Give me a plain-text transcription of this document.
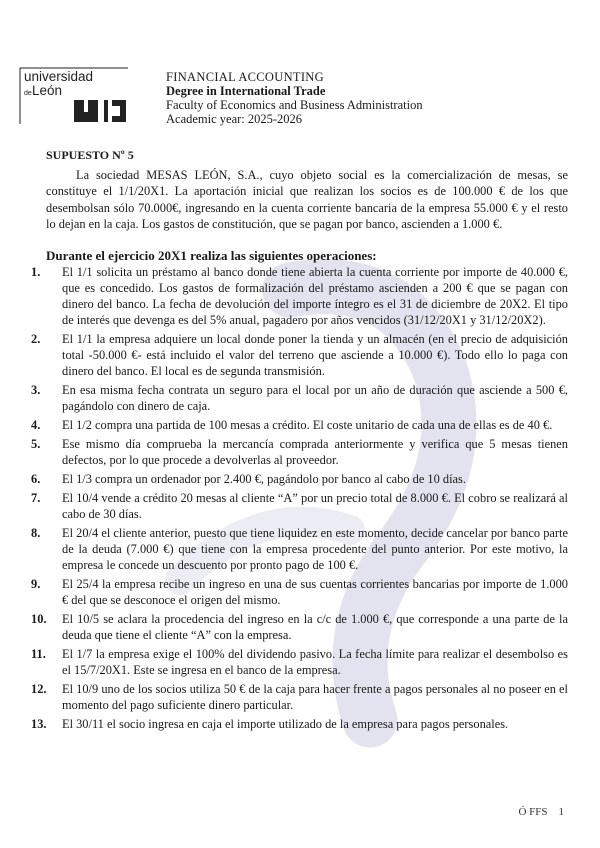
universidad
de León
FINANCIAL ACCOUNTING
Degree in International Trade
Faculty of Economics and Business Administration
Academic year: 2025-2026
SUPUESTO Nº 5

La sociedad MESAS LEÓN, S.A., cuyo objeto social es la comercialización de mesas, se constituye el 1/1/20X1. La aportación inicial que realizan los socios es de 100.000 € de los que desembolsan sólo 70.000€, ingresando en la cuenta corriente bancaria de la empresa 55.000 € y el resto lo dejan en la caja. Los gastos de constitución, que se pagan por banco, ascienden a 1.000 €.

Durante el ejercicio 20X1 realiza las siguientes operaciones:
1.	El 1/1 solicita un préstamo al banco donde tiene abierta la cuenta corriente por importe de 40.000 €, que es concedido. Los gastos de formalización del préstamo ascienden a 200 € que se pagan con dinero del banco. La fecha de devolución del importe íntegro es el 31 de diciembre de 20X2. El tipo de interés que devenga es del 5% anual, pagadero por años vencidos (31/12/20X1 y 31/12/20X2).
2.	El 1/1 la empresa adquiere un local donde poner la tienda y un almacén (en el precio de adquisición total -50.000 €- está incluido el valor del terreno que asciende a 10.000 €). Todo ello lo paga con dinero del banco. El local es de segunda transmisión.
3.	En esa misma fecha contrata un seguro para el local por un año de duración que asciende a 500 €, pagándolo con dinero de caja.
4.	El 1/2 compra una partida de 100 mesas a crédito. El coste unitario de cada una de ellas es de 40 €.
5.	Ese mismo día comprueba la mercancía comprada anteriormente y verifica que 5 mesas tienen defectos, por lo que procede a devolverlas al proveedor.
6.	El 1/3 compra un ordenador por 2.400 €, pagándolo por banco al cabo de 10 días.
7.	El 10/4 vende a crédito 20 mesas al cliente “A” por un precio total de 8.000 €. El cobro se realizará al cabo de 30 días.
8.	El 20/4 el cliente anterior, puesto que tiene liquidez en este momento, decide cancelar por banco parte de la deuda (7.000 €) que tiene con la empresa procedente del punto anterior. Por este motivo, la empresa le concede un descuento por pronto pago de 100 €.
9.	El 25/4 la empresa recibe un ingreso en una de sus cuentas corrientes bancarias por importe de 1.000 € del que se desconoce el origen del mismo.
10.	El 10/5 se aclara la procedencia del ingreso en la c/c de 1.000 €, que corresponde a una parte de la deuda que tiene el cliente “A” con la empresa.
11.	El 1/7 la empresa exige el 100% del dividendo pasivo. La fecha límite para realizar el desembolso es el 15/7/20X1. Este se ingresa en el banco de la empresa.
12.	El 10/9 uno de los socios utiliza 50 € de la caja para hacer frente a pagos personales al no poseer en el momento del pago suficiente dinero particular.
13.	El 30/11 el socio ingresa en caja el importe utilizado de la empresa para pagos personales.
Ó FFS 1
